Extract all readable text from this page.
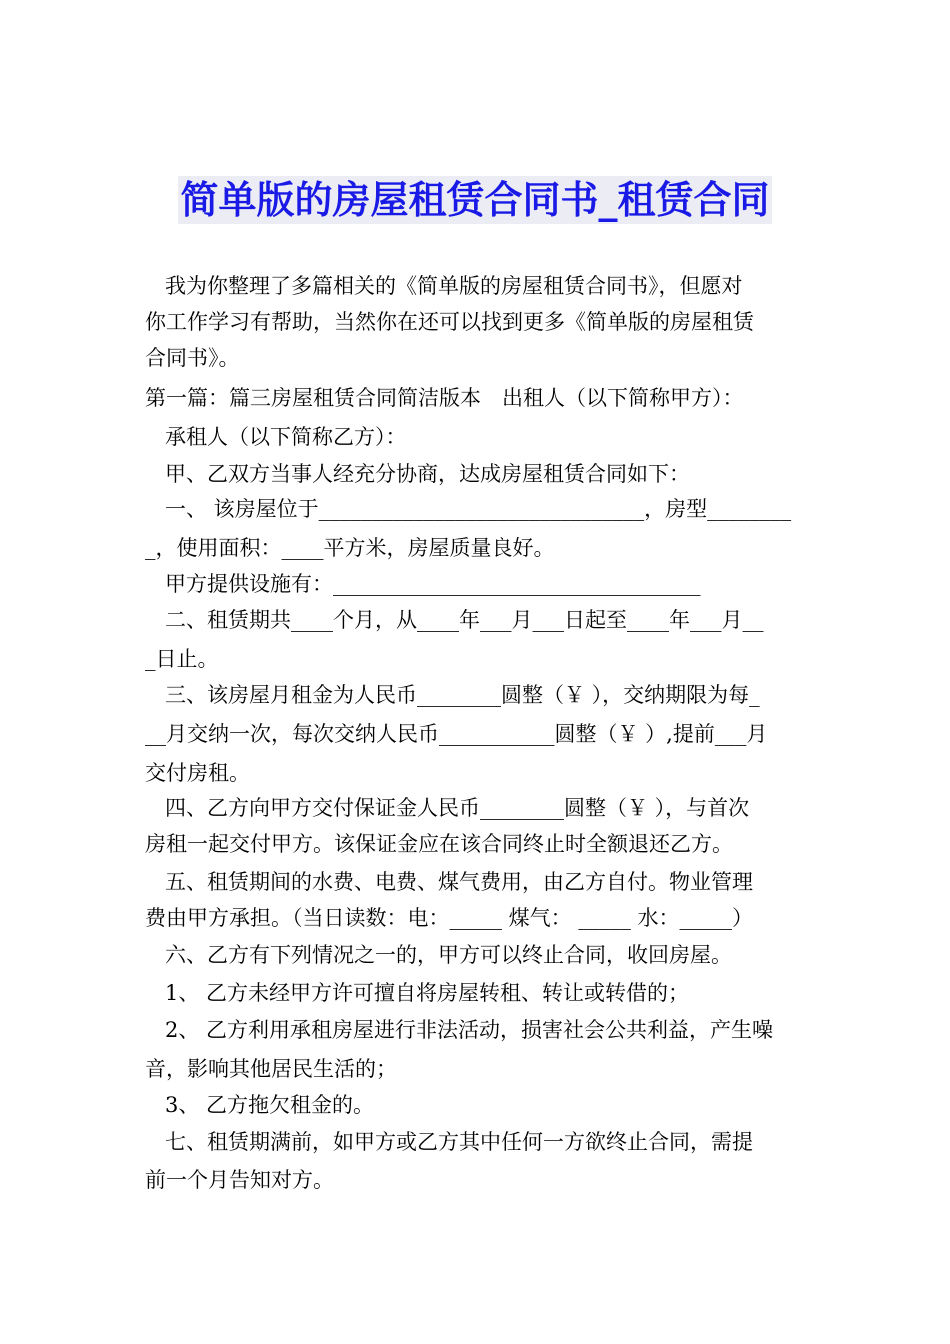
简单版的房屋租赁合同书_租赁合同
我为你整理了多篇相关的《简单版的房屋租赁合同书》，但愿对
你工作学习有帮助，当然你在还可以找到更多《简单版的房屋租赁
合同书》。
第一篇：篇三房屋租赁合同简洁版本　出租人（以下简称甲方）：
承租人（以下简称乙方）：
甲、乙双方当事人经充分协商，达成房屋租赁合同如下：
一、 该房屋位于_______________________________，房型________
_，使用面积：____平方米，房屋质量良好。
甲方提供设施有：___________________________________
二、租赁期共____个月，从____年___月___日起至____年___月__
_日止。
三、该房屋月租金为人民币________圆整（￥ ），交纳期限为每_
__月交纳一次，每次交纳人民币___________圆整（￥ ）,提前___月
交付房租。
四、乙方向甲方交付保证金人民币________圆整（￥ ），与首次
房租一起交付甲方。该保证金应在该合同终止时全额退还乙方。
五、租赁期间的水费、电费、煤气费用，由乙方自付。物业管理
费由甲方承担。（当日读数：电：_____ 煤气： _____ 水：_____）
六、乙方有下列情况之一的，甲方可以终止合同，收回房屋。
1、 乙方未经甲方许可擅自将房屋转租、转让或转借的；
2、 乙方利用承租房屋进行非法活动，损害社会公共利益，产生噪
音，影响其他居民生活的；
3、 乙方拖欠租金的。
七、租赁期满前，如甲方或乙方其中任何一方欲终止合同，需提
前一个月告知对方。
